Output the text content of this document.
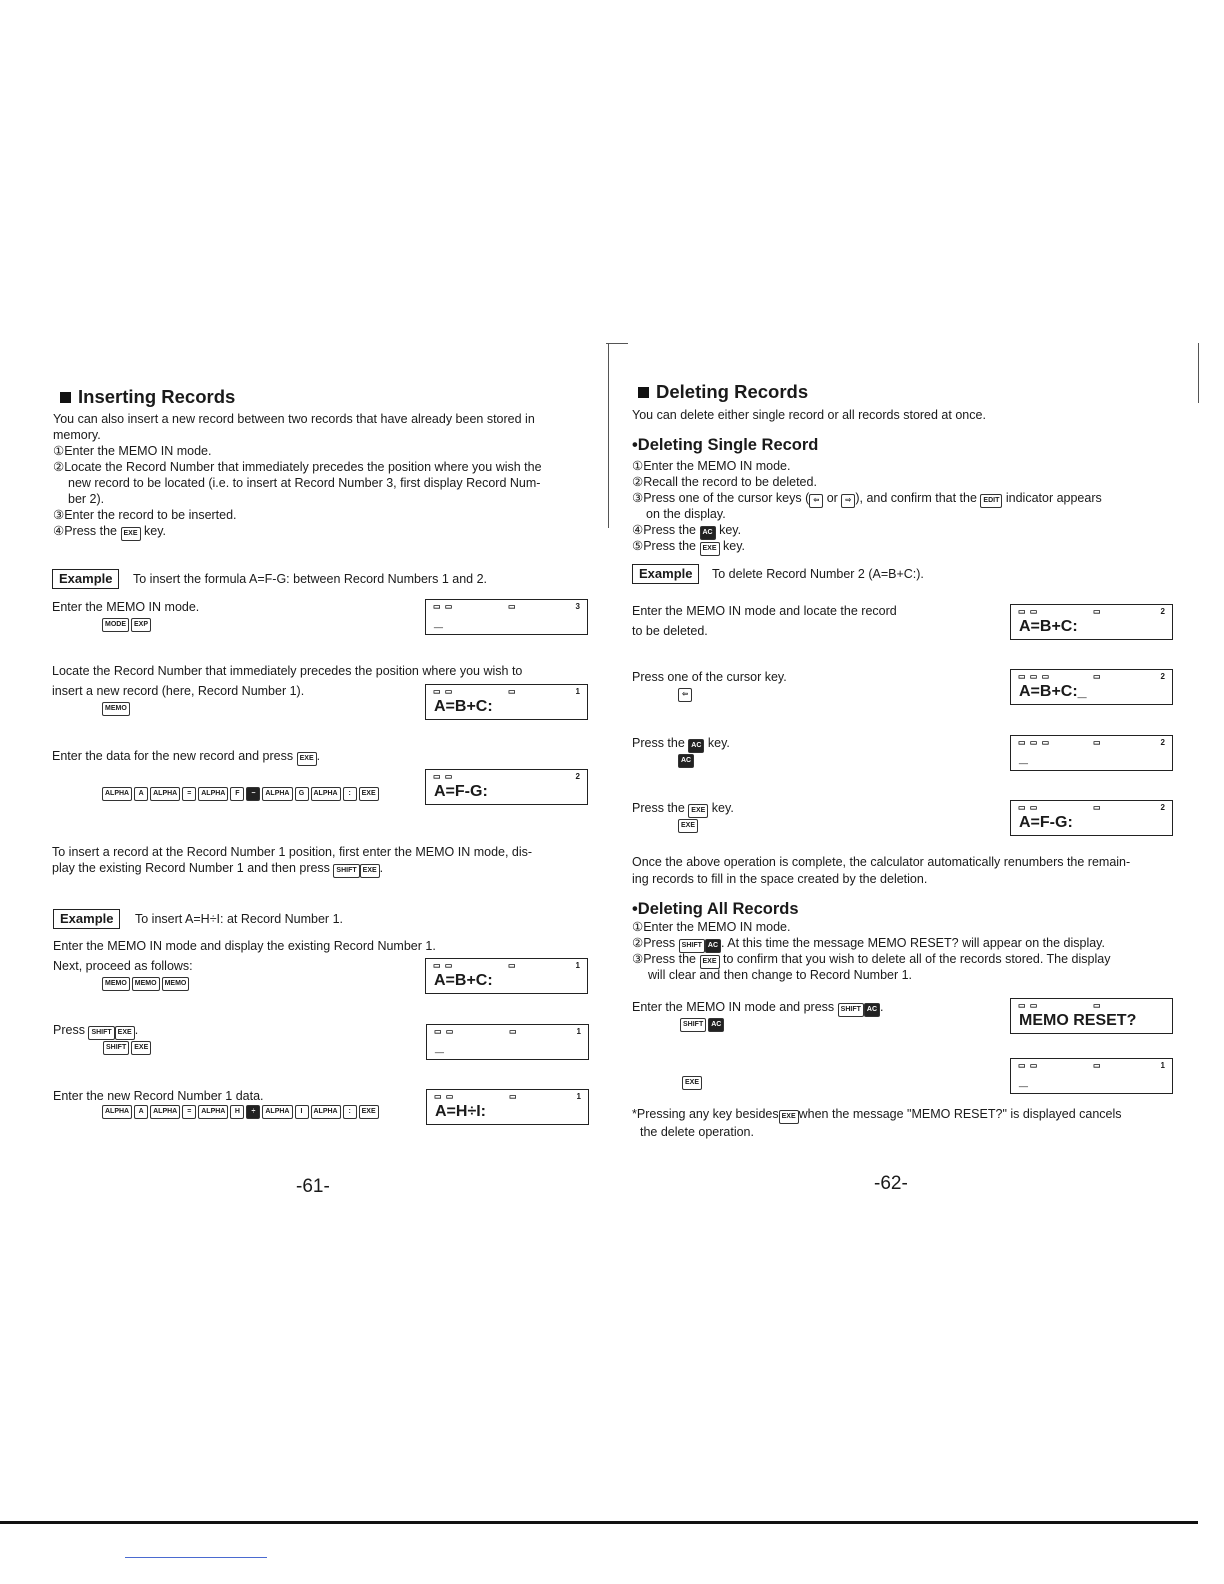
Inserting Records
You can also insert a new record between two records that have already been stored in
memory.
①Enter the MEMO IN mode.
②Locate the Record Number that immediately precedes the position where you wish the
new record to be located (i.e. to insert at Record Number 3, first display Record Num-
ber 2).
③Enter the record to be inserted.
④Press the EXE key.
Example	To insert the formula A=F-G: between Record Numbers 1 and 2.
Enter the MEMO IN mode.
MODE	EXP
▭ ▭	▭	3
_
Locate the Record Number that immediately precedes the position where you wish to
insert a new record (here, Record Number 1).
MEMO
▭ ▭	▭	1
A=B+C:
Enter the data for the new record and press EXE .
ALPHA	A	ALPHA	=	ALPHA	F	−	ALPHA	G	ALPHA	:	EXE
▭ ▭	2
A=F-G:
To insert a record at the Record Number 1 position, first enter the MEMO IN mode, dis-
play the existing Record Number 1 and then press SHIFT EXE .
Example	To insert A=H÷I: at Record Number 1.
Enter the MEMO IN mode and display the existing Record Number 1.
Next, proceed as follows:
MEMO	MEMO	MEMO
▭ ▭	▭	1
A=B+C:
Press SHIFT EXE .
SHIFT	EXE
▭ ▭	▭	1
_
Enter the new Record Number 1 data.
ALPHA	A	ALPHA	=	ALPHA	H	÷	ALPHA	I	ALPHA	:	EXE
▭ ▭	▭	1
A=H÷I:
-61-
Deleting Records
You can delete either single record or all records stored at once.
•Deleting Single Record
①Enter the MEMO IN mode.
②Recall the record to be deleted.
③Press one of the cursor keys ( ⇦ or ⇨ ), and confirm that the EDIT indicator appears
on the display.
④Press the AC key.
⑤Press the EXE key.
Example	To delete Record Number 2 (A=B+C:).
Enter the MEMO IN mode and locate the record
to be deleted.
▭ ▭	▭	2
A=B+C:
Press one of the cursor key.
⇦
▭ ▭ ▭	▭	2
A=B+C:_
Press the AC key.
AC
▭ ▭ ▭	▭	2
_
Press the EXE key.
EXE
▭ ▭	▭	2
A=F-G:
Once the above operation is complete, the calculator automatically renumbers the remain-
ing records to fill in the space created by the deletion.
•Deleting All Records
①Enter the MEMO IN mode.
②Press SHIFT AC . At this time the message MEMO RESET? will appear on the display.
③Press the EXE to confirm that you wish to delete all of the records stored. The display
will clear and then change to Record Number 1.
Enter the MEMO IN mode and press SHIFT AC .
SHIFT	AC
▭ ▭	▭
MEMO RESET?
EXE
▭ ▭	▭	1
_
*Pressing any key besides EXE when the message "MEMO RESET?" is displayed cancels
the delete operation.
-62-
